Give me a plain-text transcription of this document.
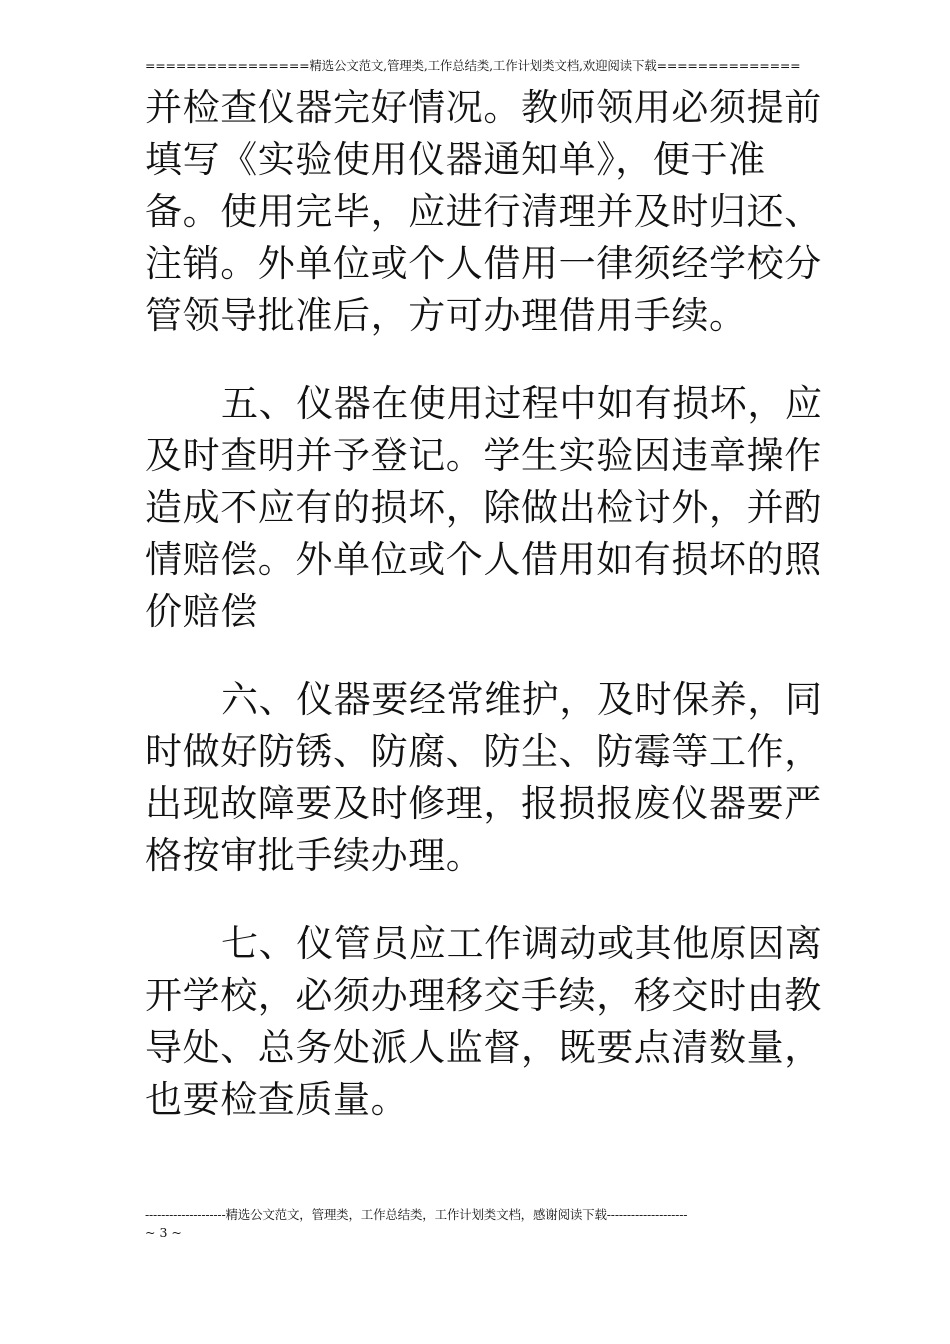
================精选公文范文,管理类,工作总结类,工作计划类文档,欢迎阅读下载==============

并检查仪器完好情况。教师领用必须提前填写《实验使用仪器通知单》，便于准备。使用完毕，应进行清理并及时归还、注销。外单位或个人借用一律须经学校分管领导批准后，方可办理借用手续。

五、仪器在使用过程中如有损坏，应及时查明并予登记。学生实验因违章操作造成不应有的损坏，除做出检讨外，并酌情赔偿。外单位或个人借用如有损坏的照价赔偿

六、仪器要经常维护，及时保养，同时做好防锈、防腐、防尘、防霉等工作，出现故障要及时修理，报损报废仪器要严格按审批手续办理。

七、仪管员应工作调动或其他原因离开学校，必须办理移交手续，移交时由教导处、总务处派人监督，既要点清数量，也要检查质量。

--------------------精选公文范文，管理类，工作总结类，工作计划类文档，感谢阅读下载--------------------
~ 3 ~
